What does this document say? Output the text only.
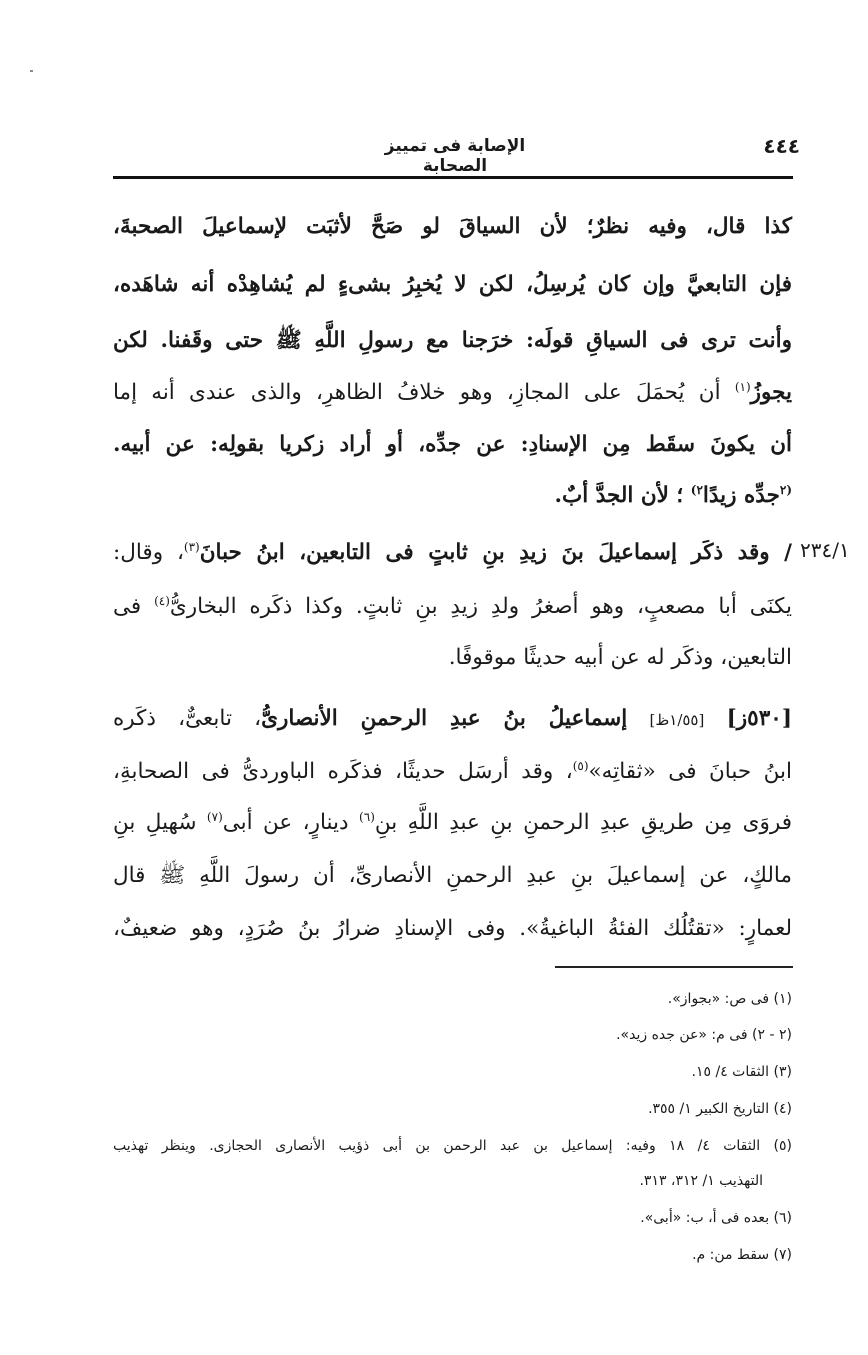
الإصابة فى تمييز الصحابة
٤٤٤
كذا قال، وفيه نظرٌ؛ لأن السياقَ لو صَحَّ لأثبَت لإسماعيلَ الصحبةَ،
فإن التابعيَّ وإن كان يُرسِلُ، لكن لا يُخبِرُ بشىءٍ لم يُشاهِدْه أنه شاهَده،
وأنت ترى فى السياقِ قولَه: خرَجنا مع رسولِ اللَّهِ ﷺ حتى وقَفنا. لكن
يجوزُ$^{(١)}$ أن يُحمَلَ على المجازِ، وهو خلافُ الظاهرِ، والذى عندى أنه إما
أن يكونَ سقَط مِن الإسنادِ: عن جدِّه، أو أراد زكريا بقولِه: عن أبيه.
$^{(٢}$جدِّه زيدًا$^{٢)}$ ؛ لأن الجدَّ أبٌ.
٢٣٤/١
/ وقد ذكَر إسماعيلَ بنَ زيدِ بنِ ثابتٍ فى التابعين، ابنُ حبانَ$^{(٣)}$، وقال:
يكنَى أبا مصعبٍ، وهو أصغرُ ولدِ زيدِ بنِ ثابتٍ. وكذا ذكَره البخارىُّ$^{(٤)}$ فى
التابعين، وذكَر له عن أبيه حديثًا موقوفًا.
[٥٣٠ز] [١/٥٥ظ] إسماعيلُ بنُ عبدِ الرحمنِ الأنصارىُّ، تابعىٌّ، ذكَره
ابنُ حبانَ فى «ثقاتِه»$^{(٥)}$، وقد أرسَل حديثًا، فذكَره الباوردىُّ فى الصحابةِ،
فروَى مِن طريقِ عبدِ الرحمنِ بنِ عبدِ اللَّهِ بنِ$^{(٦)}$ دينارٍ، عن أبى$^{(٧)}$ سُهيلِ بنِ
مالكٍ، عن إسماعيلَ بنِ عبدِ الرحمنِ الأنصارىِّ، أن رسولَ اللَّهِ ﷺ قال
لعمارٍ: «تقتُلُك الفئةُ الباغيةُ». وفى الإسنادِ ضرارُ بنُ صُرَدٍ، وهو ضعيفٌ،
(١) فى ص: «بجواز».
(٢ - ٢) فى م: «عن جده زيد».
(٣) الثقات ٤/ ١٥.
(٤) التاريخ الكبير ١/ ٣٥٥.
(٥) الثقات ٤/ ١٨ وفيه: إسماعيل بن عبد الرحمن بن أبى ذؤيب الأنصارى الحجازى. وينظر تهذيب
التهذيب ١/ ٣١٢، ٣١٣.
(٦) بعده فى أ، ب: «أبى».
(٧) سقط من: م.
